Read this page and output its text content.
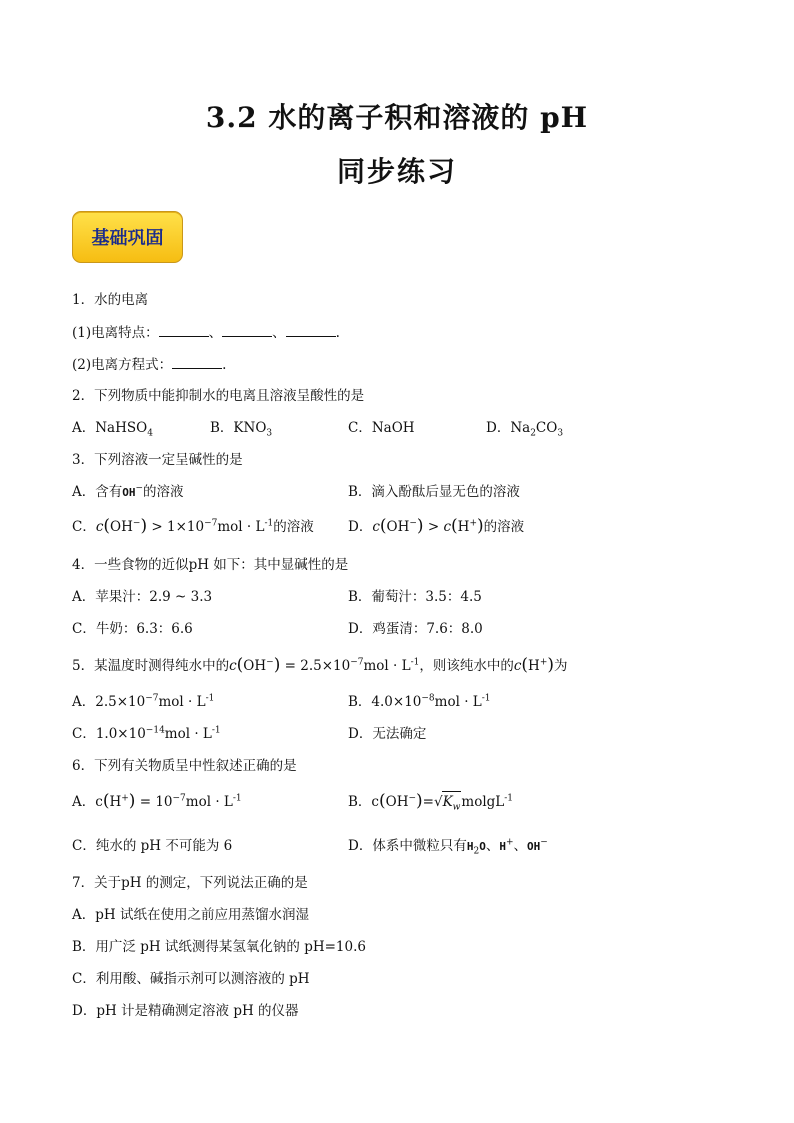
3.2 水的离子积和溶液的 pH
同步练习
基础巩固
1．水的电离
(1)电离特点：	、	、	.
(2)电离方程式：	.
2．下列物质中能抑制水的电离且溶液呈酸性的是
A．NaHSO$_4$	B．$KNO_3$	C．NaOH	D．$Na_2CO_3$
3．下列溶液一定呈碱性的是
A．含有OH−的溶液	B．滴入酚酞后显无色的溶液
C．$c(OH^-) > 1\times 10^{-7}mol \cdot L^{-1}$的溶液	D．c(OH−) > c(H+)的溶液
4．一些食物的近似pH 如下：其中显碱性的是
A．苹果汁：2.9 ~ 3.3	B．葡萄汁：3.5：4.5
C．牛奶：6.3：6.6	D．鸡蛋清：7.6：8.0
5．某温度时测得纯水中的$c(OH^-) = 2.5\times 10^{-7}mol \cdot L^{-1}$，则该纯水中的c(H+)为
A．$2.5\times 10^{-7}mol \cdot L^{-1}$	B．$4.0\times 10^{-8}mol \cdot L^{-1}$
C．$1.0\times 10^{-14}mol \cdot L^{-1}$	D．无法确定
6．下列有关物质呈中性叙述正确的是
A．$c(H^+) = 10^{-7}mol \cdot L^{-1}$	B．$c(OH^-)=√K_wmolgL^{-1}$
C．纯水的 pH 不可能为 6	D．体系中微粒只有$H_2O$、H+、OH−
7．关于pH 的测定，下列说法正确的是
A．pH 试纸在使用之前应用蒸馏水润湿
B．用广泛 pH 试纸测得某氢氧化钠的 pH=10.6
C．利用酸、碱指示剂可以测溶液的 pH
D．pH 计是精确测定溶液 pH 的仪器
